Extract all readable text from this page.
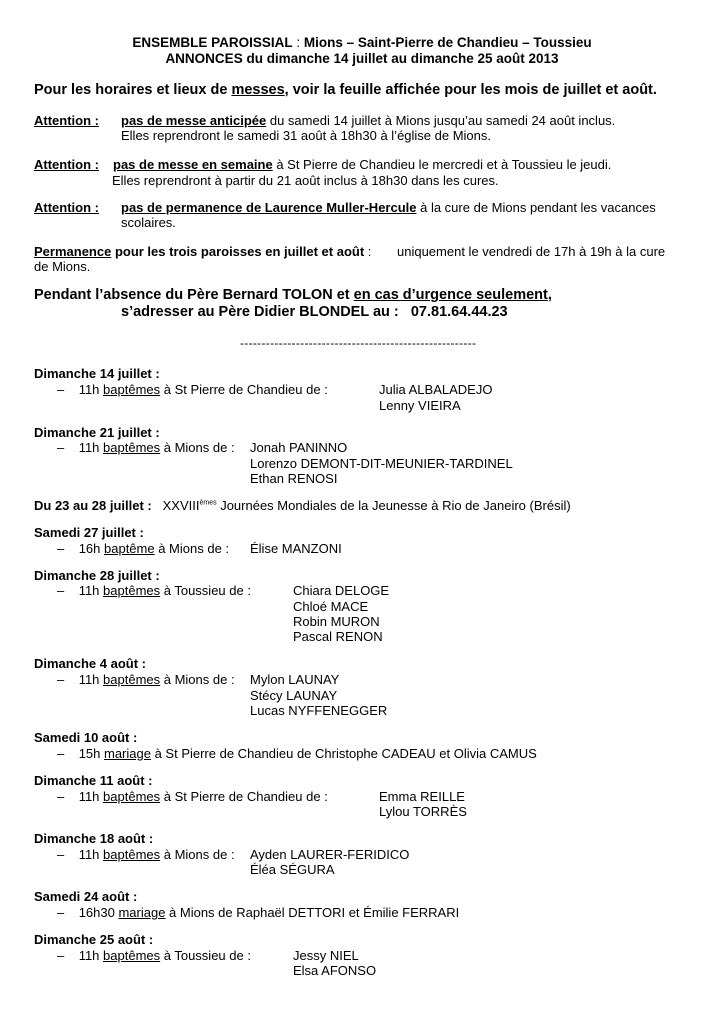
ENSEMBLE PAROISSIAL : Mions – Saint-Pierre de Chandieu – Toussieu
ANNONCES du dimanche 14 juillet au dimanche 25 août 2013
Pour les horaires et lieux de messes, voir la feuille affichée pour les mois de juillet et août.
Attention : pas de messe anticipée du samedi 14 juillet à Mions jusqu’au samedi 24 août inclus.
Elles reprendront le samedi 31 août à 18h30 à l’église de Mions.
Attention : pas de messe en semaine à St Pierre de Chandieu le mercredi et à Toussieu le jeudi.
Elles reprendront à partir du 21 août inclus à 18h30 dans les cures.
Attention : pas de permanence de Laurence Muller-Hercule à la cure de Mions pendant les vacances
scolaires.
Permanence pour les trois paroisses en juillet et août : uniquement le vendredi de 17h à 19h à la cure
de Mions.
Pendant l’absence du Père Bernard TOLON et en cas d’urgence seulement,
s’adresser au Père Didier BLONDEL au : 07.81.64.44.23
-------------------------------------------------------
Dimanche 14 juillet :
– 11h baptêmes à St Pierre de Chandieu de :	Julia ALBALADEJO
Lenny VIEIRA
Dimanche 21 juillet :
– 11h baptêmes à Mions de : Jonah PANINNO
Lorenzo DEMONT-DIT-MEUNIER-TARDINEL
Ethan RENOSI
Du 23 au 28 juillet : XXVIIIèmes Journées Mondiales de la Jeunesse à Rio de Janeiro (Brésil)
Samedi 27 juillet :
– 16h baptême à Mions de : Élise MANZONI
Dimanche 28 juillet :
– 11h baptêmes à Toussieu de :	Chiara DELOGE
Chloé MACE
Robin MURON
Pascal RENON
Dimanche 4 août :
– 11h baptêmes à Mions de : Mylon LAUNAY
Stécy LAUNAY
Lucas NYFFENEGGER
Samedi 10 août :
– 15h mariage à St Pierre de Chandieu de Christophe CADEAU et Olivia CAMUS
Dimanche 11 août :
– 11h baptêmes à St Pierre de Chandieu de :	Emma REILLE
Lylou TORRÈS
Dimanche 18 août :
– 11h baptêmes à Mions de : Ayden LAURER-FERIDICO
Éléa SÉGURA
Samedi 24 août :
– 16h30 mariage à Mions de Raphaël DETTORI et Émilie FERRARI
Dimanche 25 août :
– 11h baptêmes à Toussieu de :	Jessy NIEL
Elsa AFONSO
